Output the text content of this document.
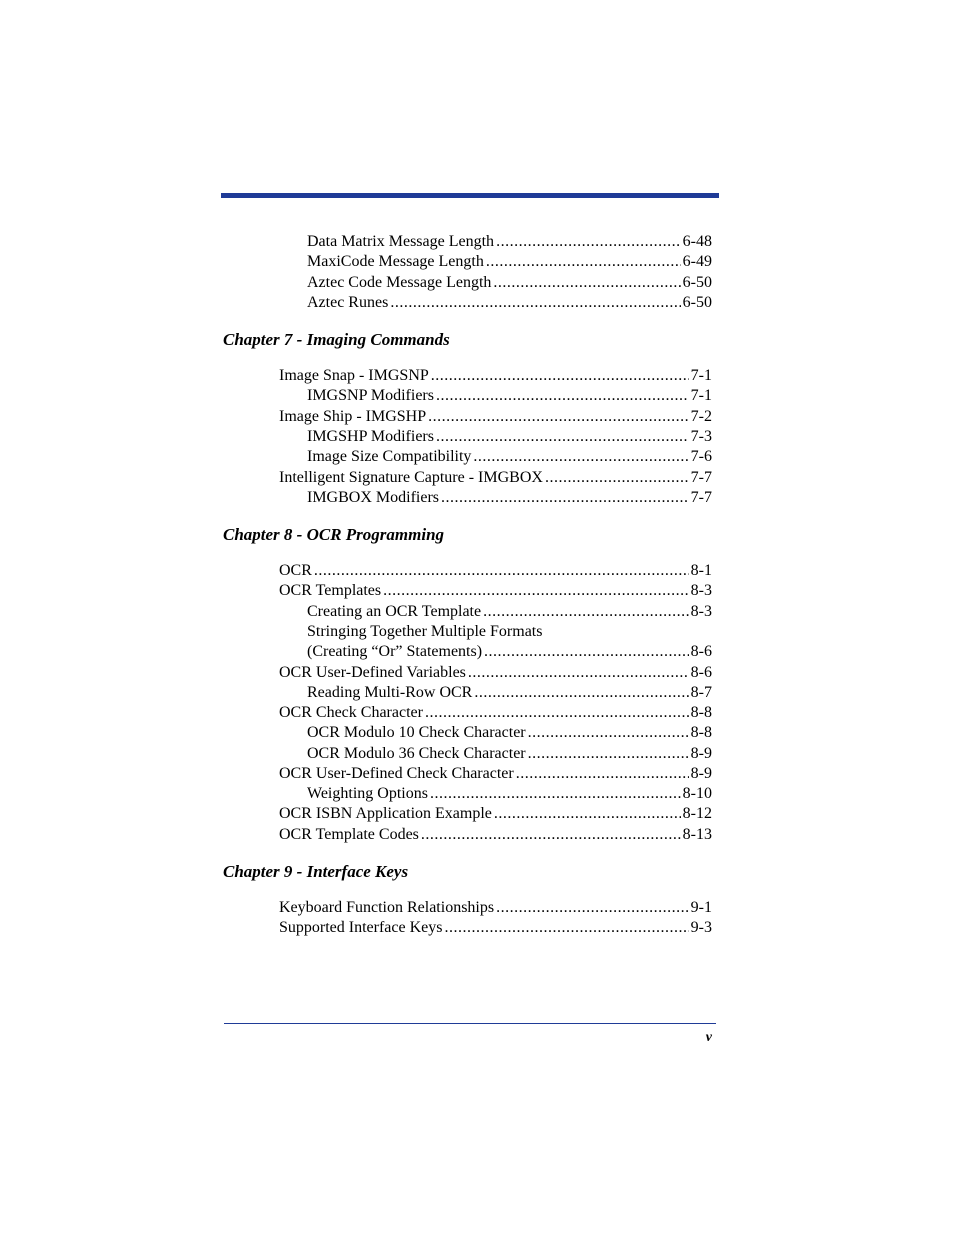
Data Matrix Message Length .....	6-48
MaxiCode Message Length .....	6-49
Aztec Code Message Length .....	6-50
Aztec Runes .....	6-50
Chapter 7 - Imaging Commands
Image Snap - IMGSNP .....	7-1
IMGSNP Modifiers .....	7-1
Image Ship - IMGSHP .....	7-2
IMGSHP Modifiers .....	7-3
Image Size Compatibility .....	7-6
Intelligent Signature Capture - IMGBOX .....	7-7
IMGBOX Modifiers .....	7-7
Chapter 8 - OCR Programming
OCR .....	8-1
OCR Templates .....	8-3
Creating an OCR Template .....	8-3
Stringing Together Multiple Formats
(Creating “Or” Statements) .....	8-6
OCR User-Defined Variables .....	8-6
Reading Multi-Row OCR .....	8-7
OCR Check Character .....	8-8
OCR Modulo 10 Check Character .....	8-8
OCR Modulo 36 Check Character .....	8-9
OCR User-Defined Check Character .....	8-9
Weighting Options .....	8-10
OCR ISBN Application Example .....	8-12
OCR Template Codes .....	8-13
Chapter 9 - Interface Keys
Keyboard Function Relationships .....	9-1
Supported Interface Keys .....	9-3
v
